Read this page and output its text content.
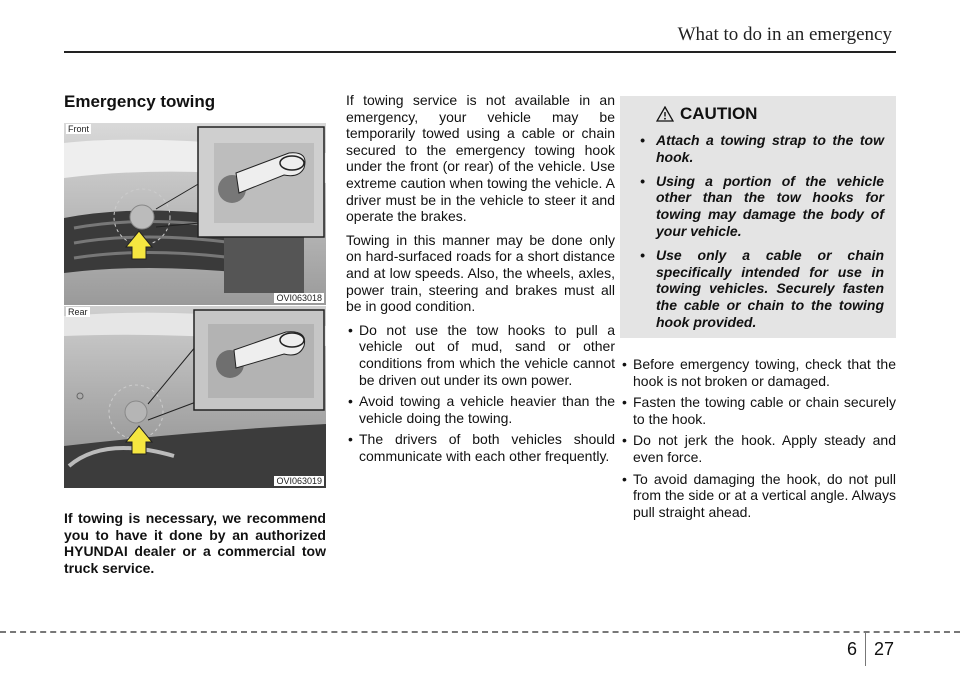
What to do in an emergency
Emergency towing
Front
OVI063018
Rear
OVI063019

If towing is necessary, we recommend you to have it done by an authorized HYUNDAI dealer or a commercial tow truck service.

If towing service is not available in an emergency, your vehicle may be temporarily towed using a cable or chain secured to the emergency towing hook under the front (or rear) of the vehicle. Use extreme caution when towing the vehicle. A driver must be in the vehicle to steer it and operate the brakes.

Towing in this manner may be done only on hard-surfaced roads for a short distance and at low speeds. Also, the wheels, axles, power train, steering and brakes must all be in good condition.

• Do not use the tow hooks to pull a vehicle out of mud, sand or other conditions from which the vehicle cannot be driven out under its own power.
• Avoid towing a vehicle heavier than the vehicle doing the towing.
• The drivers of both vehicles should communicate with each other frequently.
CAUTION
• Attach a towing strap to the tow hook.
• Using a portion of the vehicle other than the tow hooks for towing may damage the body of your vehicle.
• Use only a cable or chain specifically intended for use in towing vehicles. Securely fasten the cable or chain to the towing hook provided.
• Before emergency towing, check that the hook is not broken or damaged.
• Fasten the towing cable or chain securely to the hook.
• Do not jerk the hook. Apply steady and even force.
• To avoid damaging the hook, do not pull from the side or at a vertical angle. Always pull straight ahead.
6 27
